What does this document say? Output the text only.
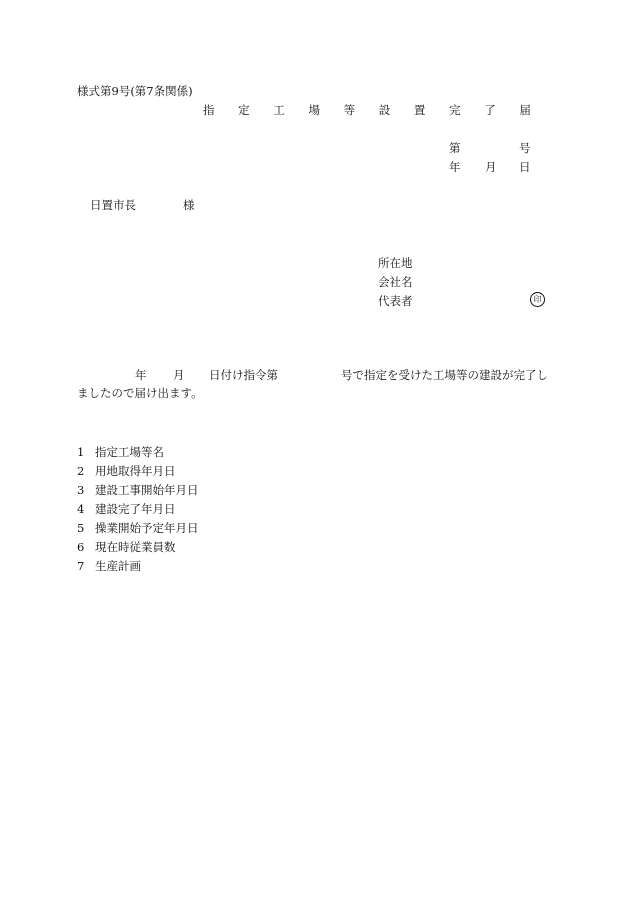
様式第9号(第7条関係)
指 定 工 場 等 設 置 完 了 届
第	号
年 月 日
日置市長	様
所在地
会社名
代表者	印
年 月 日付け指令第	号で指定を受けた工場等の建設が完了し
ましたので届け出ます。
1 指定工場等名
2 用地取得年月日
3 建設工事開始年月日
4 建設完了年月日
5 操業開始予定年月日
6 現在時従業員数
7 生産計画
